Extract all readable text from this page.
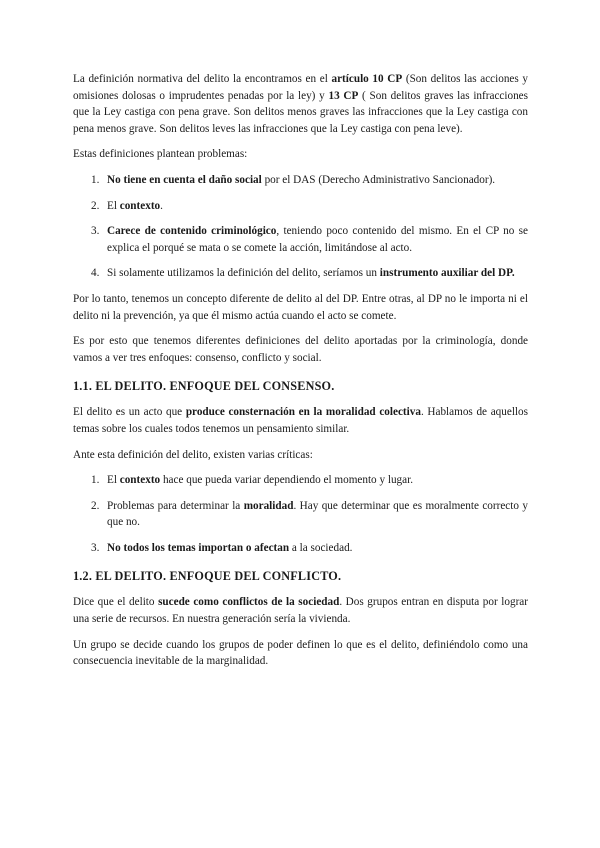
La definición normativa del delito la encontramos en el artículo 10 CP (Son delitos las acciones y omisiones dolosas o imprudentes penadas por la ley) y 13 CP ( Son delitos graves las infracciones que la Ley castiga con pena grave. Son delitos menos graves las infracciones que la Ley castiga con pena menos grave. Son delitos leves las infracciones que la Ley castiga con pena leve).

Estas definiciones plantean problemas:

1. No tiene en cuenta el daño social por el DAS (Derecho Administrativo Sancionador).
2. El contexto.
3. Carece de contenido criminológico, teniendo poco contenido del mismo. En el CP no se explica el porqué se mata o se comete la acción, limitándose al acto.
4. Si solamente utilizamos la definición del delito, seríamos un instrumento auxiliar del DP.

Por lo tanto, tenemos un concepto diferente de delito al del DP. Entre otras, al DP no le importa ni el delito ni la prevención, ya que él mismo actúa cuando el acto se comete.

Es por esto que tenemos diferentes definiciones del delito aportadas por la criminología, donde vamos a ver tres enfoques: consenso, conflicto y social.

1.1. EL DELITO. ENFOQUE DEL CONSENSO.

El delito es un acto que produce consternación en la moralidad colectiva. Hablamos de aquellos temas sobre los cuales todos tenemos un pensamiento similar.

Ante esta definición del delito, existen varias críticas:

1. El contexto hace que pueda variar dependiendo el momento y lugar.
2. Problemas para determinar la moralidad. Hay que determinar que es moralmente correcto y que no.
3. No todos los temas importan o afectan a la sociedad.
1.2. EL DELITO. ENFOQUE DEL CONFLICTO.

Dice que el delito sucede como conflictos de la sociedad. Dos grupos entran en disputa por lograr una serie de recursos. En nuestra generación sería la vivienda.

Un grupo se decide cuando los grupos de poder definen lo que es el delito, definiéndolo como una consecuencia inevitable de la marginalidad.
